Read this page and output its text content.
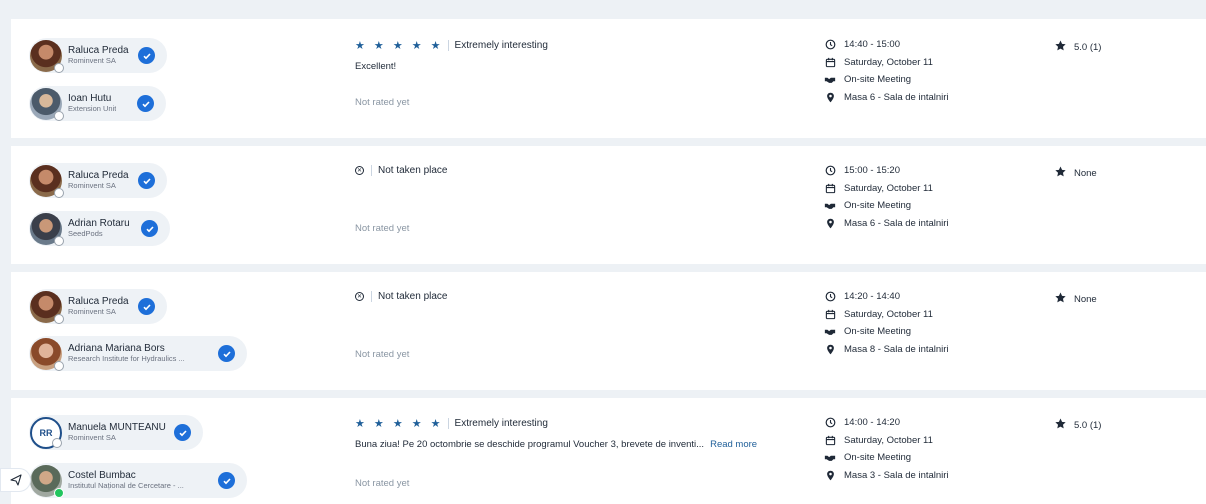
Raluca Preda
Rominvent SA
Ioan Hutu
Extension Unit
★ ★ ★ ★ ★ Extremely interesting
Excellent!
Not rated yet
14:40 - 15:00
Saturday, October 11
On-site Meeting
Masa 6 - Sala de intalniri
5.0 (1)
Raluca Preda
Rominvent SA
Adrian Rotaru
SeedPods
✕ Not taken place
Not rated yet
15:00 - 15:20
Saturday, October 11
On-site Meeting
Masa 6 - Sala de intalniri
None
Raluca Preda
Rominvent SA
Adriana Mariana Bors
Research Institute for Hydraulics ...
✕ Not taken place
Not rated yet
14:20 - 14:40
Saturday, October 11
On-site Meeting
Masa 8 - Sala de intalniri
None
RR	Manuela MUNTEANU
Rominvent SA
Costel Bumbac
Institutul Național de Cercetare - ...
★ ★ ★ ★ ★ Extremely interesting
Buna ziua! Pe 20 octombrie se deschide programul Voucher 3, brevete de inventi... Read more
Not rated yet
14:00 - 14:20
Saturday, October 11
On-site Meeting
Masa 3 - Sala de intalniri
5.0 (1)
